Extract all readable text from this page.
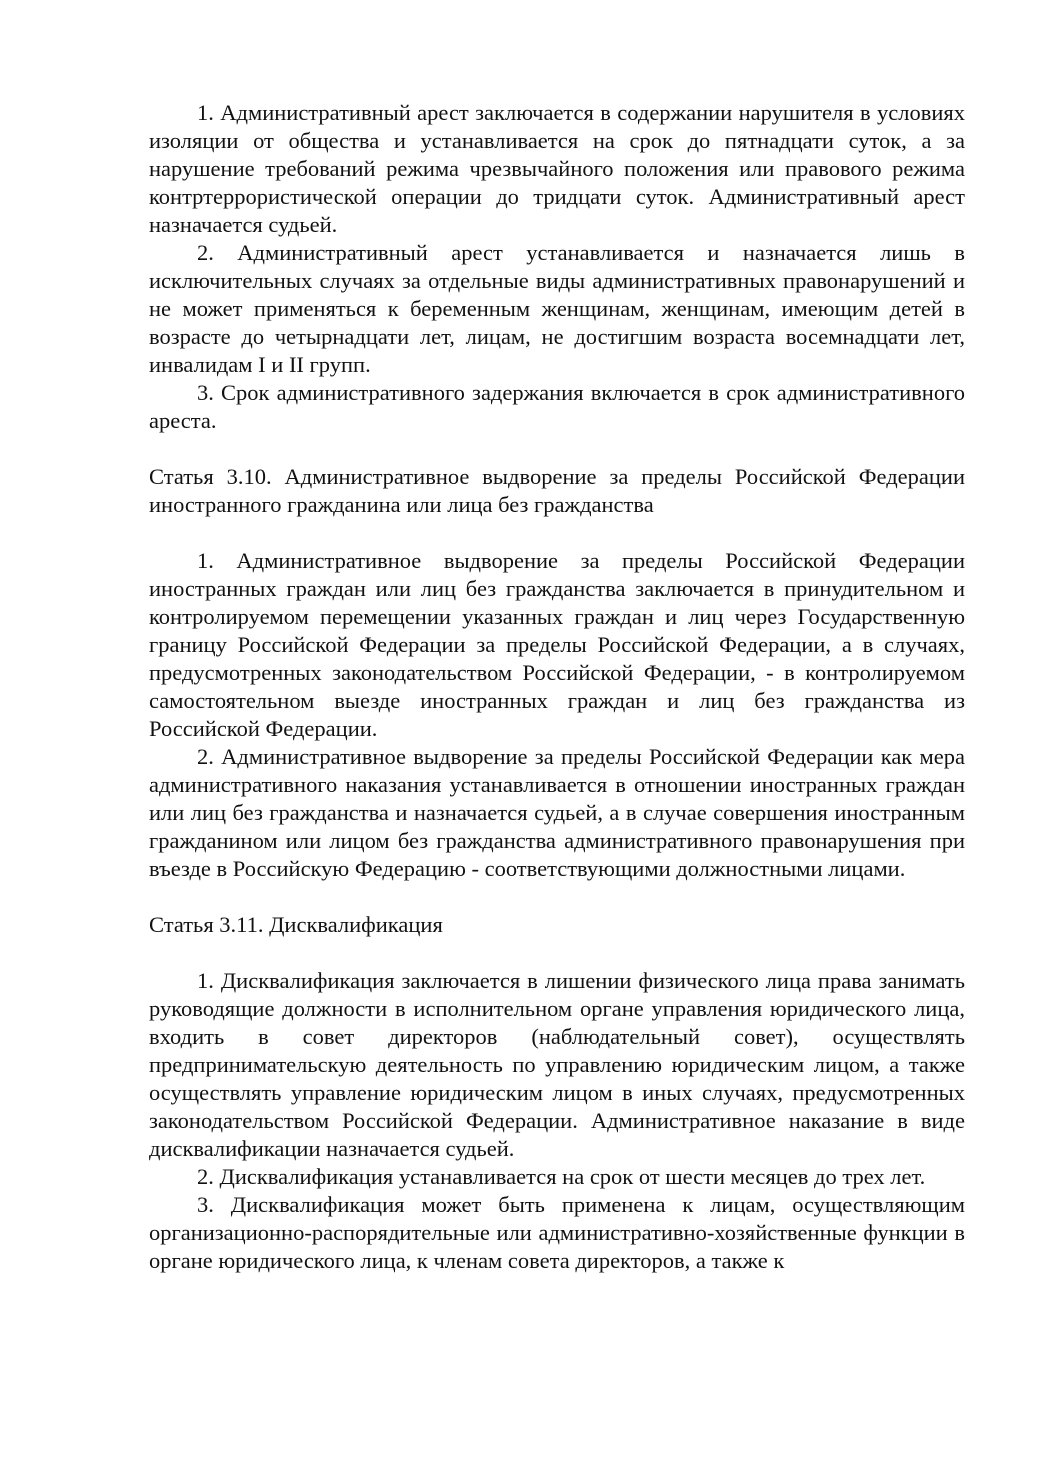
1. Административный арест заключается в содержании нарушителя в условиях изоляции от общества и устанавливается на срок до пятнадцати суток, а за нарушение требований режима чрезвычайного положения или правового режима контртеррористической операции до тридцати суток. Административный арест назначается судьей.

2. Административный арест устанавливается и назначается лишь в исключительных случаях за отдельные виды административных правонарушений и не может применяться к беременным женщинам, женщинам, имеющим детей в возрасте до четырнадцати лет, лицам, не достигшим возраста восемнадцати лет, инвалидам I и II групп.

3. Срок административного задержания включается в срок административного ареста.

Статья 3.10. Административное выдворение за пределы Российской Федерации иностранного гражданина или лица без гражданства

1. Административное выдворение за пределы Российской Федерации иностранных граждан или лиц без гражданства заключается в принудительном и контролируемом перемещении указанных граждан и лиц через Государственную границу Российской Федерации за пределы Российской Федерации, а в случаях, предусмотренных законодательством Российской Федерации, - в контролируемом самостоятельном выезде иностранных граждан и лиц без гражданства из Российской Федерации.

2. Административное выдворение за пределы Российской Федерации как мера административного наказания устанавливается в отношении иностранных граждан или лиц без гражданства и назначается судьей, а в случае совершения иностранным гражданином или лицом без гражданства административного правонарушения при въезде в Российскую Федерацию - соответствующими должностными лицами.

Статья 3.11. Дисквалификация

1. Дисквалификация заключается в лишении физического лица права занимать руководящие должности в исполнительном органе управления юридического лица, входить в совет директоров (наблюдательный совет), осуществлять предпринимательскую деятельность по управлению юридическим лицом, а также осуществлять управление юридическим лицом в иных случаях, предусмотренных законодательством Российской Федерации. Административное наказание в виде дисквалификации назначается судьей.

2. Дисквалификация устанавливается на срок от шести месяцев до трех лет.

3. Дисквалификация может быть применена к лицам, осуществляющим организационно-распорядительные или административно-хозяйственные функции в органе юридического лица, к членам совета директоров, а также к
